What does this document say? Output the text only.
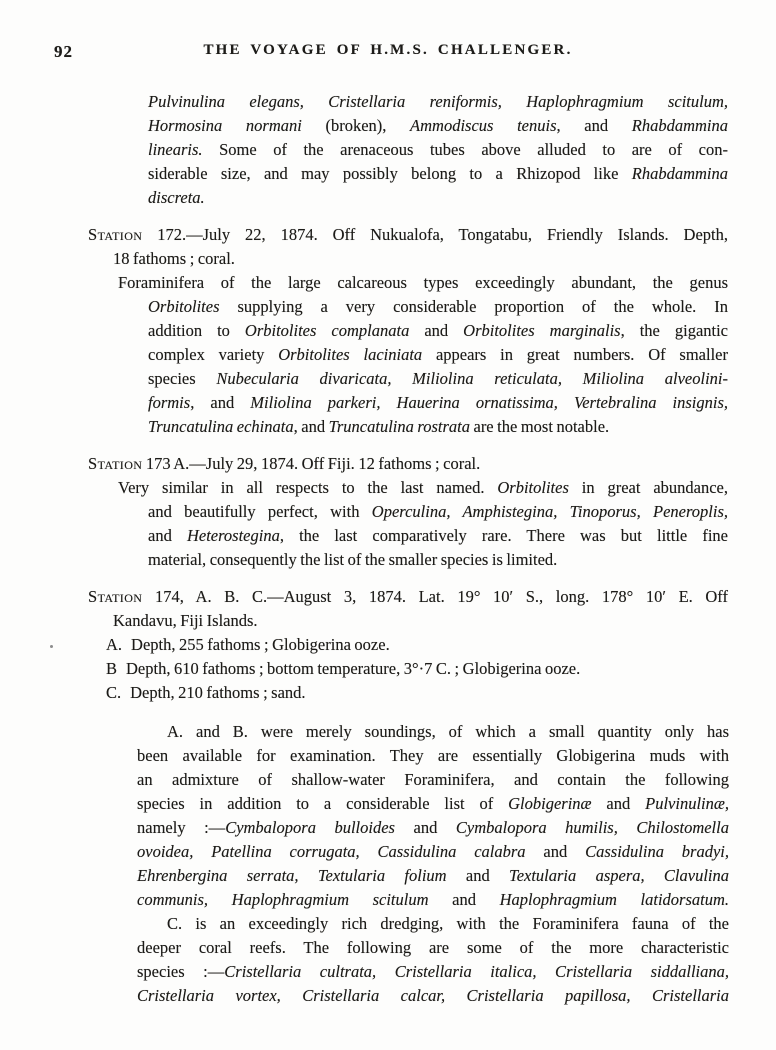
92	THE VOYAGE OF H.M.S. CHALLENGER.

Pulvinulina elegans, Cristellaria reniformis, Haplophragmium scitulum,
Hormosina normani (broken), Ammodiscus tenuis, and Rhabdammina
linearis. Some of the arenaceous tubes above alluded to are of con-
siderable size, and may possibly belong to a Rhizopod like Rhabdammina
discreta.

Station 172.—July 22, 1874. Off Nukualofa, Tongatabu, Friendly Islands. Depth,
18 fathoms ; coral.

Foraminifera of the large calcareous types exceedingly abundant, the genus
Orbitolites supplying a very considerable proportion of the whole. In
addition to Orbitolites complanata and Orbitolites marginalis, the gigantic
complex variety Orbitolites laciniata appears in great numbers. Of smaller
species Nubecularia divaricata, Miliolina reticulata, Miliolina alveolini-
formis, and Miliolina parkeri, Hauerina ornatissima, Vertebralina insignis,
Truncatulina echinata, and Truncatulina rostrata are the most notable.

Station 173 A.—July 29, 1874. Off Fiji. 12 fathoms ; coral.

Very similar in all respects to the last named. Orbitolites in great abundance,
and beautifully perfect, with Operculina, Amphistegina, Tinoporus, Peneroplis,
and Heterostegina, the last comparatively rare. There was but little fine
material, consequently the list of the smaller species is limited.

Station 174, A. B. C.—August 3, 1874. Lat. 19° 10′ S., long. 178° 10′ E. Off
Kandavu, Fiji Islands.

A. Depth, 255 fathoms ; Globigerina ooze.
B Depth, 610 fathoms ; bottom temperature, 3°·7 C. ; Globigerina ooze.
C. Depth, 210 fathoms ; sand.

A. and B. were merely soundings, of which a small quantity only has
been available for examination. They are essentially Globigerina muds with
an admixture of shallow-water Foraminifera, and contain the following
species in addition to a considerable list of Globigerinæ and Pulvinulinæ,
namely :—Cymbalopora bulloides and Cymbalopora humilis, Chilostomella
ovoidea, Patellina corrugata, Cassidulina calabra and Cassidulina bradyi,
Ehrenbergina serrata, Textularia folium and Textularia aspera, Clavulina
communis, Haplophragmium scitulum and Haplophragmium latidorsatum.

C. is an exceedingly rich dredging, with the Foraminifera fauna of the
deeper coral reefs. The following are some of the more characteristic
species :—Cristellaria cultrata, Cristellaria italica, Cristellaria siddalliana,
Cristellaria vortex, Cristellaria calcar, Cristellaria papillosa, Cristellaria
